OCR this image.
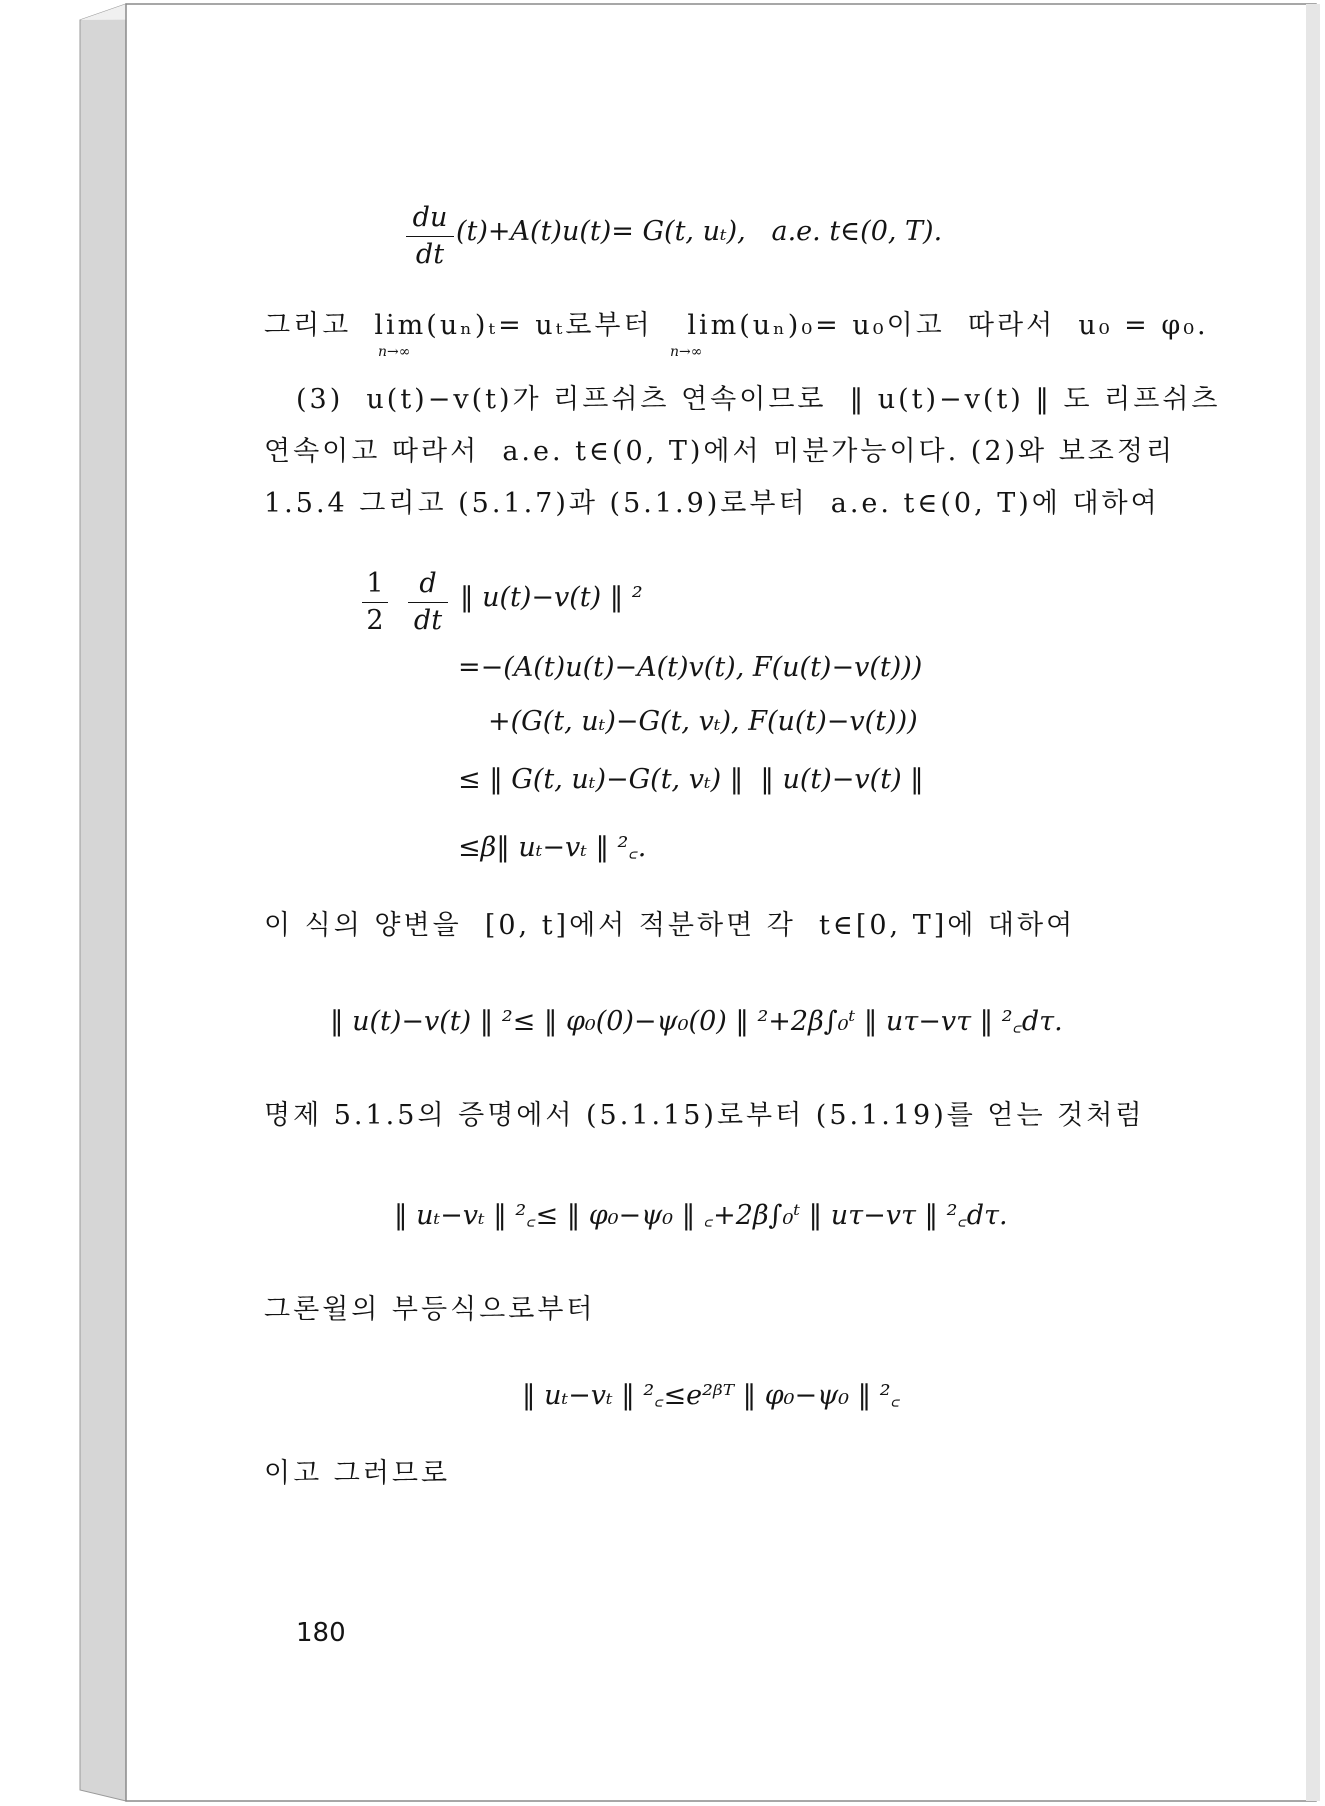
du
dt
(t)+A(t)u(t)= G(t, uₜ),   a.e. t∈(0, T).
그리고  lim(uₙ)ₜ= uₜ로부터   lim(uₙ)₀= u₀이고  따라서  u₀ = φ₀.
n→∞	n→∞
(3)  u(t)−v(t)가 리프쉬츠 연속이므로  ‖ u(t)−v(t) ‖ 도 리프쉬츠
연속이고 따라서  a.e. t∈(0, T)에서 미분가능이다. (2)와 보조정리
1.5.4 그리고 (5.1.7)과 (5.1.9)로부터  a.e. t∈(0, T)에 대하여
1
2
d
dt
‖ u(t)−v(t) ‖ ²
=−(A(t)u(t)−A(t)v(t), F(u(t)−v(t)))
+(G(t, uₜ)−G(t, vₜ), F(u(t)−v(t)))
≤ ‖ G(t, uₜ)−G(t, vₜ) ‖  ‖ u(t)−v(t) ‖
≤β‖ uₜ−vₜ ‖ ²꜀.
이 식의 양변을  [0, t]에서 적분하면 각  t∈[0, T]에 대하여
‖ u(t)−v(t) ‖ ²≤ ‖ φ₀(0)−ψ₀(0) ‖ ²+2β∫₀ᵗ ‖ uτ−vτ ‖ ²꜀dτ.
명제 5.1.5의 증명에서 (5.1.15)로부터 (5.1.19)를 얻는 것처럼
‖ uₜ−vₜ ‖ ²꜀≤ ‖ φ₀−ψ₀ ‖ ꜀+2β∫₀ᵗ ‖ uτ−vτ ‖ ²꜀dτ.
그론윌의 부등식으로부터
‖ uₜ−vₜ ‖ ²꜀≤e²ᵝᵀ ‖ φ₀−ψ₀ ‖ ²꜀
이고 그러므로
180
